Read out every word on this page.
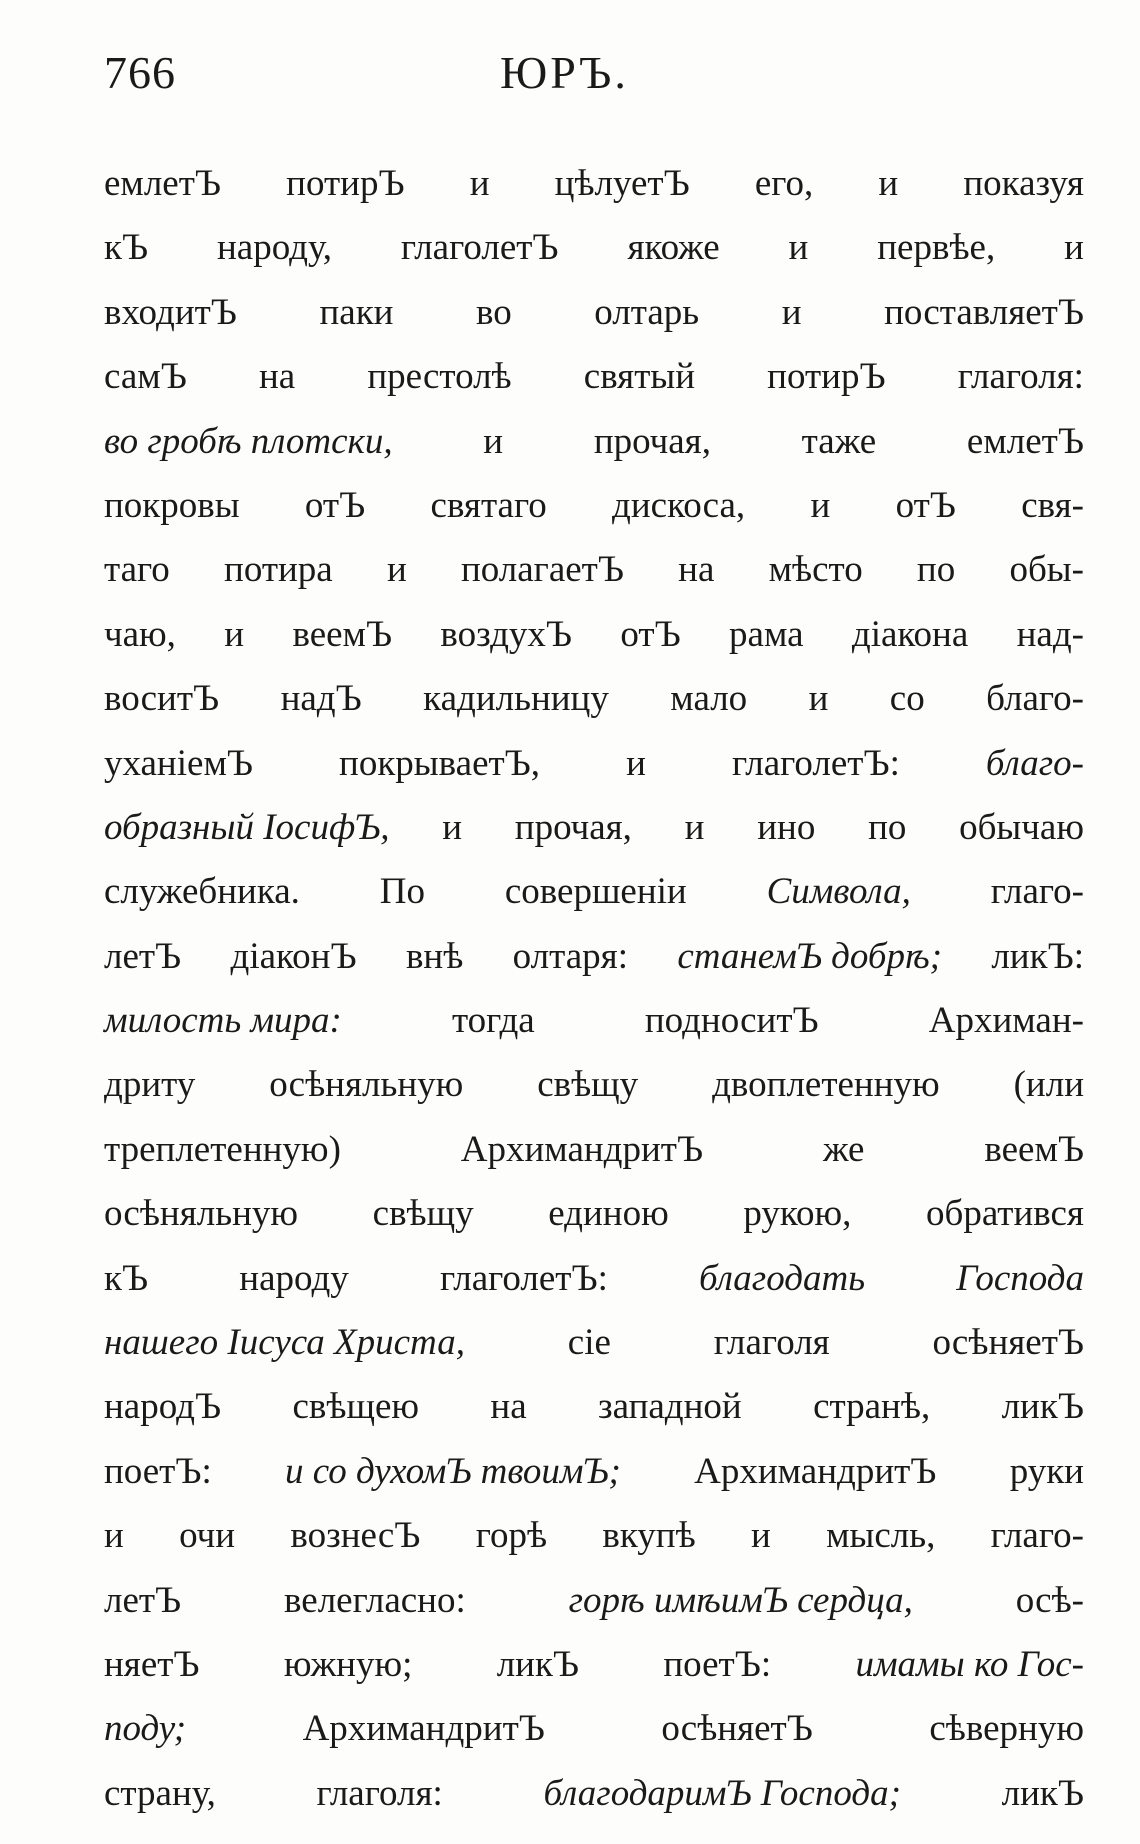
766	ЮРЪ.
емлетЪ потирЪ и цѣлуетЪ его, и показуя
кЪ народу, глаголетЪ якоже и первѣе, и
входитЪ паки во олтарь и поставляетЪ
самЪ на престолѣ святый потирЪ глаголя:
во гробѣ плотски, и прочая, таже емлетЪ
покровы отЪ святаго дискоса, и отЪ свя-
таго потира и полагаетЪ на мѣсто по обы-
чаю, и веемЪ воздухЪ отЪ рама діакона над-
воситЪ надЪ кадильницу мало и со благо-
уханіемЪ покрываетЪ, и глаголетЪ: благо-
образный ІосифЪ, и прочая, и ино по обычаю
служебника. По совершеніи Символа, глаго-
летЪ діаконЪ внѣ олтаря: станемЪ добрѣ; ликЪ:
милость мира:	тогда	подноситЪ	Архиман-
дриту осѣняльную свѣщу двоплетенную (или
треплетенную)	АрхимандритЪ	же	веемЪ
осѣняльную свѣщу единою рукою, обратився
кЪ народу глаголетЪ: благодать Господа
нашего Іисуса Христа,	сіе	глаголя	осѣняетЪ
народЪ свѣщею на западной странѣ, ликЪ
поетЪ: и со духомЪ твоимЪ; АрхимандритЪ руки
и очи вознесЪ горѣ вкупѣ и мысль, глаго-
летЪ	велегласно:	горѣ имѣимЪ сердца,	осѣ-
няетЪ южную; ликЪ поетЪ: имамы ко Гос-
поду;	АрхимандритЪ	осѣняетЪ	сѣверную
страну,	глаголя:	благодаримЪ Господа;	ликЪ
